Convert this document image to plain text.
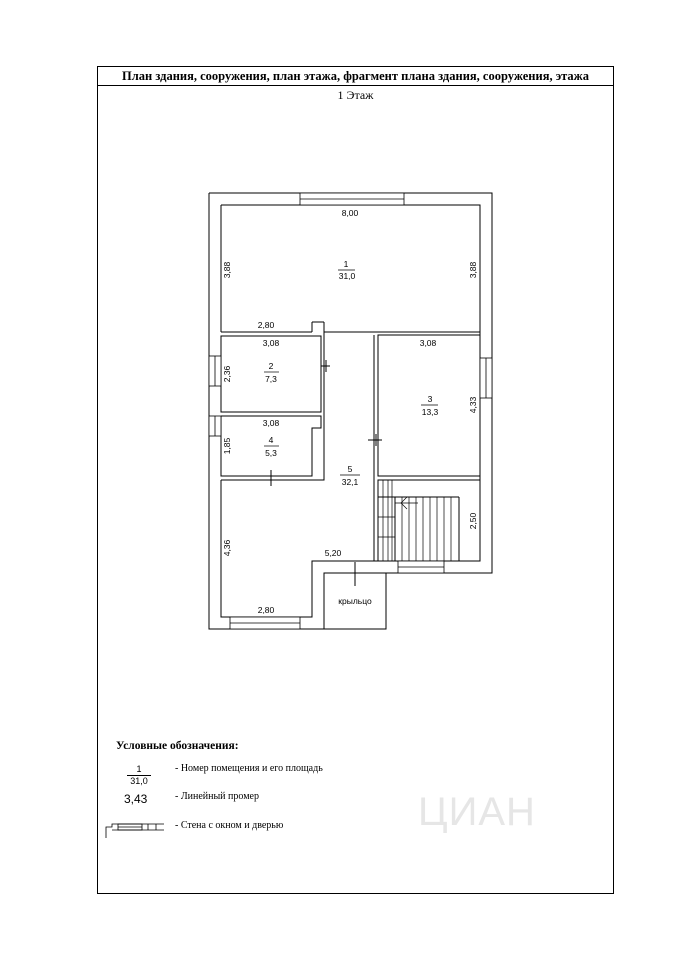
План здания, сооружения, план этажа, фрагмент плана здания, сооружения, этажа
1 Этаж
1
31,0
2
7,3
3
13,3
4
5,3
5
32,1
8,00
2,80
3,08	3,08
3,08
5,20
2,80
3,88	3,88
2,36
4,33
1,85
4,36
2,50
крыльцо
Условные обозначения:
1
31,0
- Номер помещения и его площадь
3,43	- Линейный промер
- Стена с окном и дверью	ЦИАН
